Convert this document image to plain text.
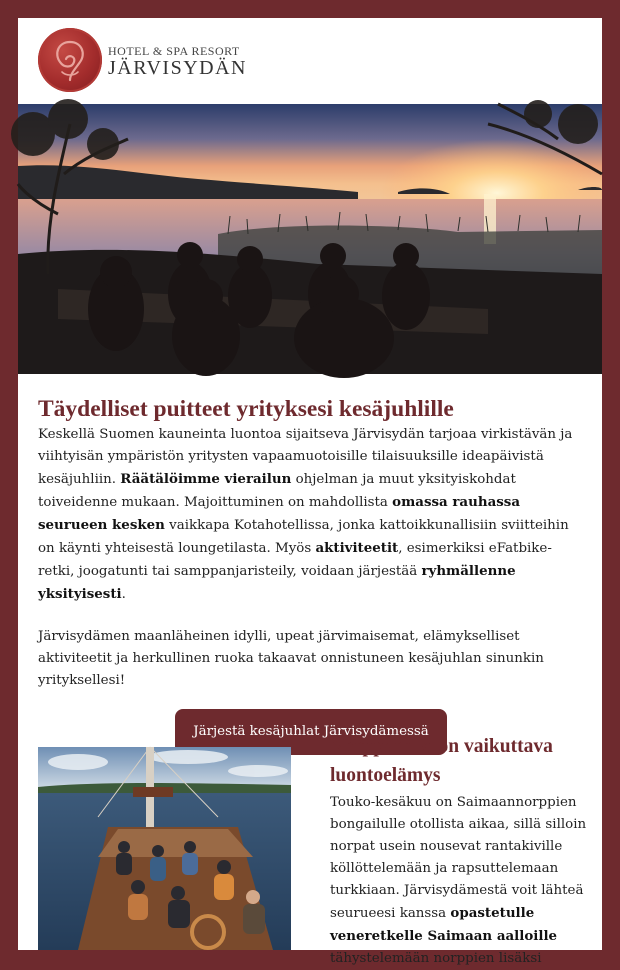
HOTEL & SPA RESORT
JÄRVISYDÄN
Täydelliset puitteet yrityksesi kesäjuhlille

Keskellä Suomen kauneinta luontoa sijaitseva Järvisydän tarjoaa virkistävän ja viihtyisän ympäristön yritysten vapaamuotoisille tilaisuuksille ideapäivistä kesäjuhliin. Räätälöimme vierailun ohjelman ja muut yksityiskohdat toiveidenne mukaan. Majoittuminen on mahdollista omassa rauhassa seurueen kesken vaikkapa Kotahotellissa, jonka kattoikkunallisiin sviitteihin on käynti yhteisestä loungetilasta. Myös aktiviteetit, esimerkiksi eFatbike-retki, joogatunti tai samppanjaristeily, voidaan järjestää ryhmällenne yksityisesti.

Järvisydämen maanläheinen idylli, upeat järvimaisemat, elämykselliset aktiviteetit ja herkullinen ruoka takaavat onnistuneen kesäjuhlan sinunkin yrityksellesi!

Järjestä kesäjuhlat Järvisydämessä
Norpparetki on vaikuttava luontoelämys

Touko-kesäkuu on Saimaannorppien bongailulle otollista aikaa, sillä silloin norpat usein nousevat rantakiville köllöttelemään ja rapsuttelemaan turkkiaan. Järvisydämestä voit lähteä seurueesi kanssa opastetulle veneretkelle Saimaan aalloille tähystelemään norppien lisäksi
